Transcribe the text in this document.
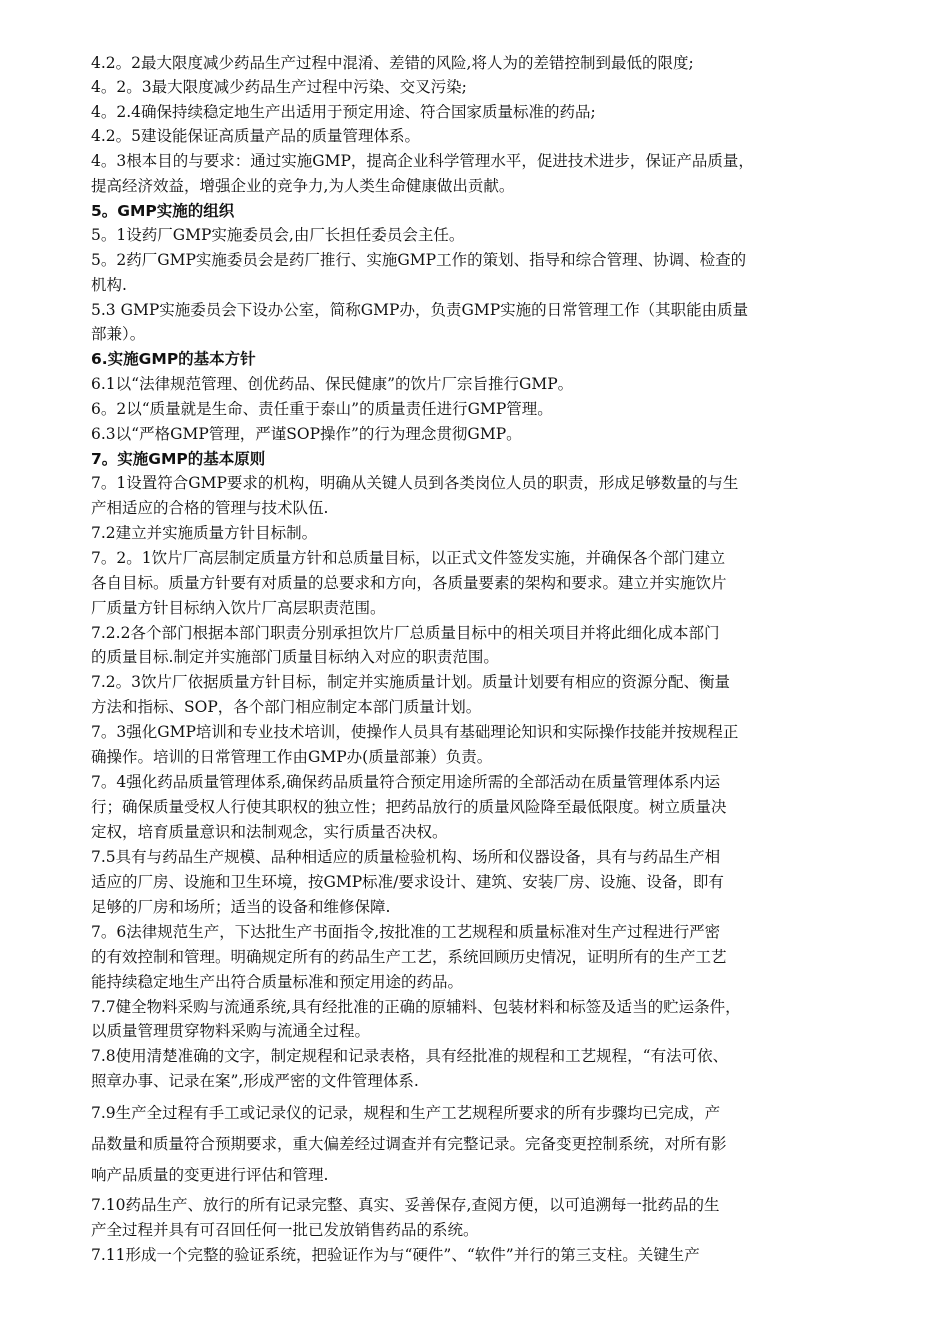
4.2。2最大限度减少药品生产过程中混淆、差错的风险,将人为的差错控制到最低的限度;
4。2。3最大限度减少药品生产过程中污染、交叉污染;
4。2.4确保持续稳定地生产出适用于预定用途、符合国家质量标准的药品;
4.2。5建设能保证高质量产品的质量管理体系。
4。3根本目的与要求：通过实施GMP，提高企业科学管理水平，促进技术进步，保证产品质量，
提高经济效益，增强企业的竞争力,为人类生命健康做出贡献。
5。GMP实施的组织
5。1设药厂GMP实施委员会,由厂长担任委员会主任。
5。2药厂GMP实施委员会是药厂推行、实施GMP工作的策划、指导和综合管理、协调、检查的
机构.
5.3 GMP实施委员会下设办公室，简称GMP办，负责GMP实施的日常管理工作（其职能由质量
部兼）。
6.实施GMP的基本方针
6.1以“法律规范管理、创优药品、保民健康”的饮片厂宗旨推行GMP。
6。2以“质量就是生命、责任重于泰山”的质量责任进行GMP管理。
6.3以“严格GMP管理，严谨SOP操作”的行为理念贯彻GMP。
7。实施GMP的基本原则
7。1设置符合GMP要求的机构，明确从关键人员到各类岗位人员的职责，形成足够数量的与生
产相适应的合格的管理与技术队伍.
7.2建立并实施质量方针目标制。
7。2。1饮片厂高层制定质量方针和总质量目标，以正式文件签发实施，并确保各个部门建立
各自目标。质量方针要有对质量的总要求和方向，各质量要素的架构和要求。建立并实施饮片
厂质量方针目标纳入饮片厂高层职责范围。
7.2.2各个部门根据本部门职责分别承担饮片厂总质量目标中的相关项目并将此细化成本部门
的质量目标.制定并实施部门质量目标纳入对应的职责范围。
7.2。3饮片厂依据质量方针目标，制定并实施质量计划。质量计划要有相应的资源分配、衡量
方法和指标、SOP，各个部门相应制定本部门质量计划。
7。3强化GMP培训和专业技术培训，使操作人员具有基础理论知识和实际操作技能并按规程正
确操作。培训的日常管理工作由GMP办(质量部兼）负责。
7。4强化药品质量管理体系,确保药品质量符合预定用途所需的全部活动在质量管理体系内运
行；确保质量受权人行使其职权的独立性；把药品放行的质量风险降至最低限度。树立质量决
定权，培育质量意识和法制观念，实行质量否决权。
7.5具有与药品生产规模、品种相适应的质量检验机构、场所和仪器设备，具有与药品生产相
适应的厂房、设施和卫生环境，按GMP标准/要求设计、建筑、安装厂房、设施、设备，即有
足够的厂房和场所；适当的设备和维修保障.
7。6法律规范生产，下达批生产书面指令,按批准的工艺规程和质量标准对生产过程进行严密
的有效控制和管理。明确规定所有的药品生产工艺，系统回顾历史情况，证明所有的生产工艺
能持续稳定地生产出符合质量标准和预定用途的药品。
7.7健全物料采购与流通系统,具有经批准的正确的原辅料、包装材料和标签及适当的贮运条件，
以质量管理贯穿物料采购与流通全过程。
7.8使用清楚准确的文字，制定规程和记录表格，具有经批准的规程和工艺规程，“有法可依、
照章办事、记录在案”,形成严密的文件管理体系.
7.9生产全过程有手工或记录仪的记录，规程和生产工艺规程所要求的所有步骤均已完成，产
品数量和质量符合预期要求，重大偏差经过调查并有完整记录。完备变更控制系统，对所有影
响产品质量的变更进行评估和管理.
7.10药品生产、放行的所有记录完整、真实、妥善保存,查阅方便，以可追溯每一批药品的生
产全过程并具有可召回任何一批已发放销售药品的系统。
7.11形成一个完整的验证系统，把验证作为与“硬件”、“软件”并行的第三支柱。关键生产
